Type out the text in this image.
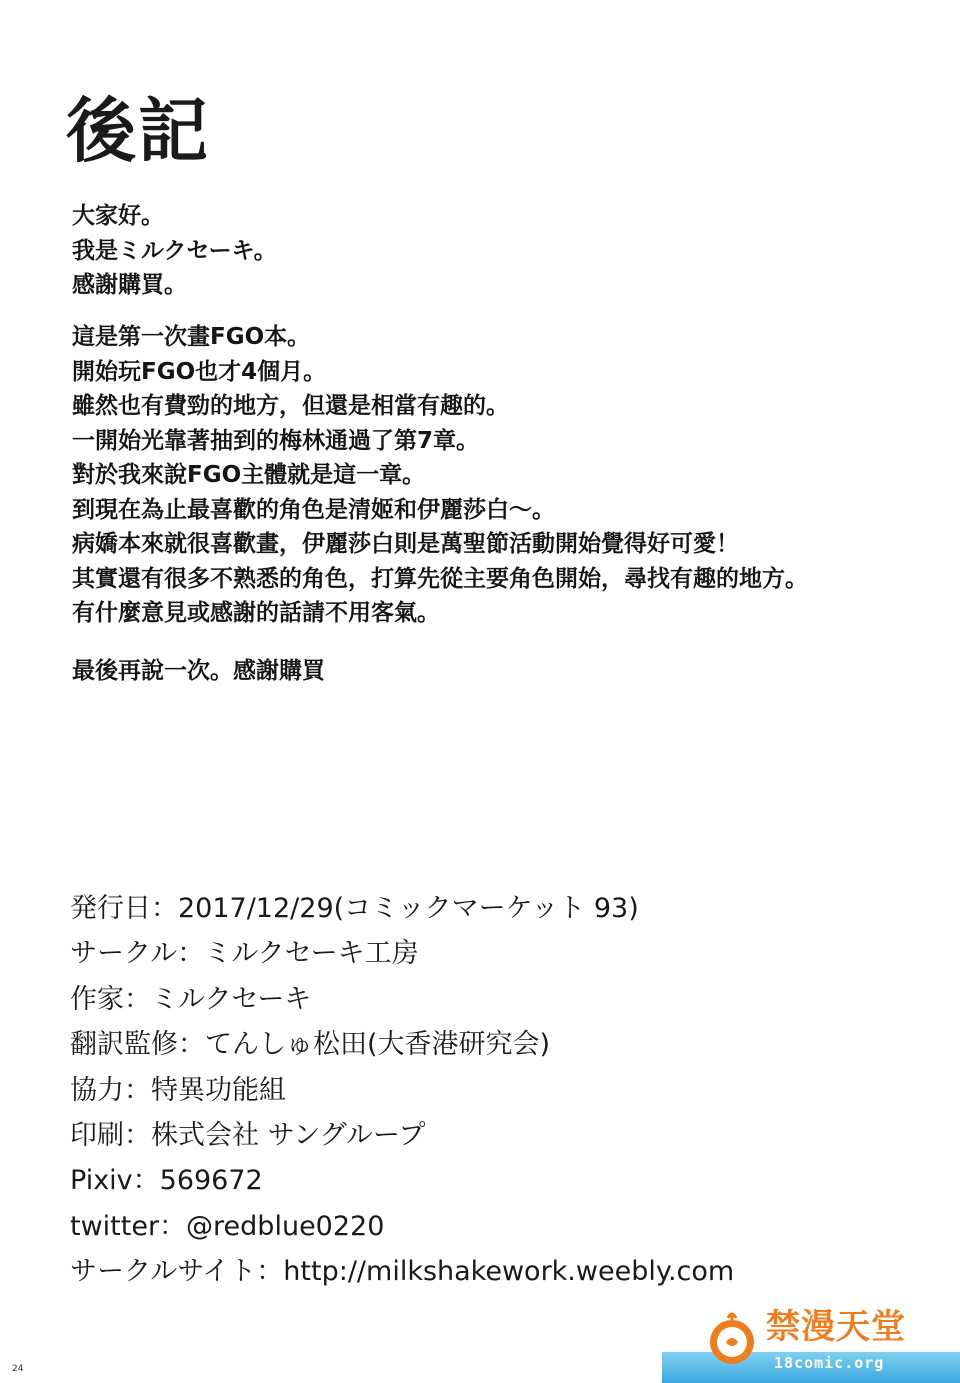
後記
大家好。
我是ミルクセーキ。
感謝購買。
這是第一次畫FGO本。
開始玩FGO也才4個月。
雖然也有費勁的地方，但還是相當有趣的。
一開始光靠著抽到的梅林通過了第7章。
對於我來說FGO主體就是這一章。
到現在為止最喜歡的角色是清姬和伊麗莎白～。
病嬌本來就很喜歡畫，伊麗莎白則是萬聖節活動開始覺得好可愛！
其實還有很多不熟悉的角色，打算先從主要角色開始，尋找有趣的地方。
有什麼意見或感謝的話請不用客氣。
最後再說一次。感謝購買
発行日：2017/12/29(コミックマーケット 93)
サークル：ミルクセーキ工房
作家：ミルクセーキ
翻訳監修：てんしゅ松田(大香港研究会)
協力：特異功能組
印刷：株式会社 サングループ
Pixiv：569672
twitter：@redblue0220
サークルサイト：http://milkshakework.weebly.com
24
禁漫天堂
18comic.org
